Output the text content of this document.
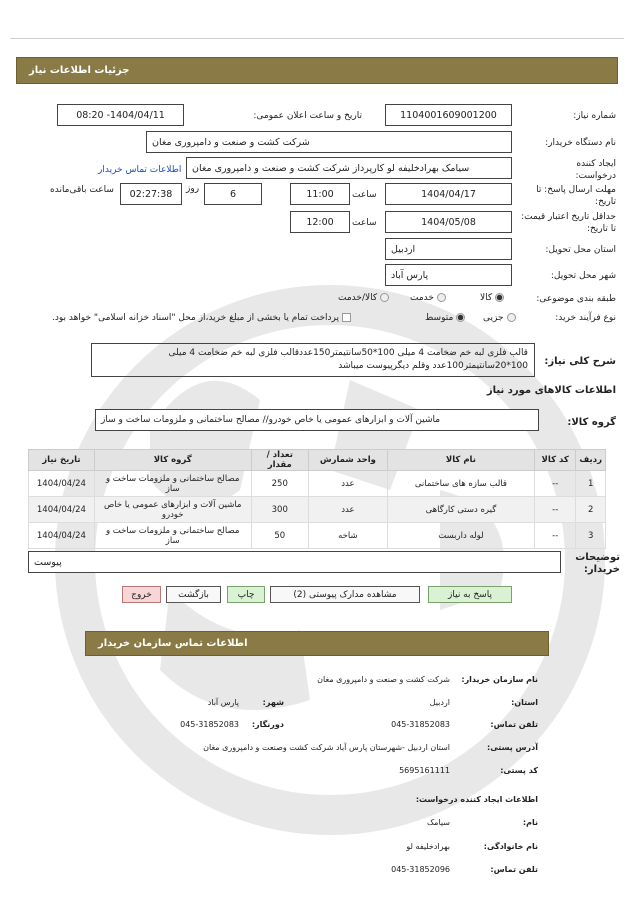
جزئیات اطلاعات نیاز
شماره نیاز:
1104001609001200
تاریخ و ساعت اعلان عمومی:
1404/04/11- 08:20
نام دستگاه خریدار:
شرکت کشت و صنعت و دامپروری مغان
ایجاد کننده درخواست:
سیامک بهرادخلیفه لو کارپرداز شرکت کشت و صنعت و دامپروری مغان
اطلاعات تماس خریدار
مهلت ارسال پاسخ: تا تاریخ:
1404/04/17
ساعت
11:00
6
روز
02:27:38
ساعت باقی‌مانده
حداقل تاریخ اعتبار قیمت: تا تاریخ:
1404/05/08
ساعت
12:00
استان محل تحویل:
اردبیل
شهر محل تحویل:
پارس آباد
طبقه بندی موضوعی:
کالا
خدمت
کالا/خدمت
نوع فرآیند خرید:
جزیی
متوسط
پرداخت تمام یا بخشی از مبلغ خرید،از محل "اسناد خزانه اسلامی" خواهد بود.
شرح کلی نیاز:
قالب فلزی لبه خم ضخامت 4 میلی 100*50سانتیمتر150عددقالب فلزی لبه خم ضخامت 4 میلی
100*20سانتیمتر100عدد وقلم دیگرپیوست میباشد
اطلاعات کالاهای مورد نیاز
گروه کالا:
ماشین آلات و ابزارهای عمومی یا خاص خودرو// مصالح ساختمانی و ملزومات ساخت و ساز
ردیف	کد کالا	نام کالا	واحد شمارش	تعداد / مقدار	گروه کالا	تاریخ نیاز
1	--	قالب سازه های ساختمانی	عدد	250	مصالح ساختمانی و ملزومات ساخت و ساز	1404/04/24
2	--	گیره دستی کارگاهی	عدد	300	ماشین آلات و ابزارهای عمومی یا خاص خودرو	1404/04/24
3	--	لوله داربست	شاخه	50	مصالح ساختمانی و ملزومات ساخت و ساز	1404/04/24
توضیحات خریدار:
پیوست
پاسخ به نیاز
مشاهده مدارک پیوستی (2)
چاپ
بازگشت
خروج
اطلاعات تماس سازمان خریدار
نام سازمان خریدار:
شرکت کشت و صنعت و دامپروری مغان
استان:
اردبیل
شهر:
پارس آباد
تلفن تماس:
045-31852083
دورنگار:
045-31852083
آدرس پستی:
استان اردبیل -شهرستان پارس آباد شرکت کشت وصنعت و دامپروری مغان
کد پستی:
5695161111
اطلاعات ایجاد کننده درخواست:
نام:
سیامک
نام خانوادگی:
بهرادخلیفه لو
تلفن تماس:
045-31852096
